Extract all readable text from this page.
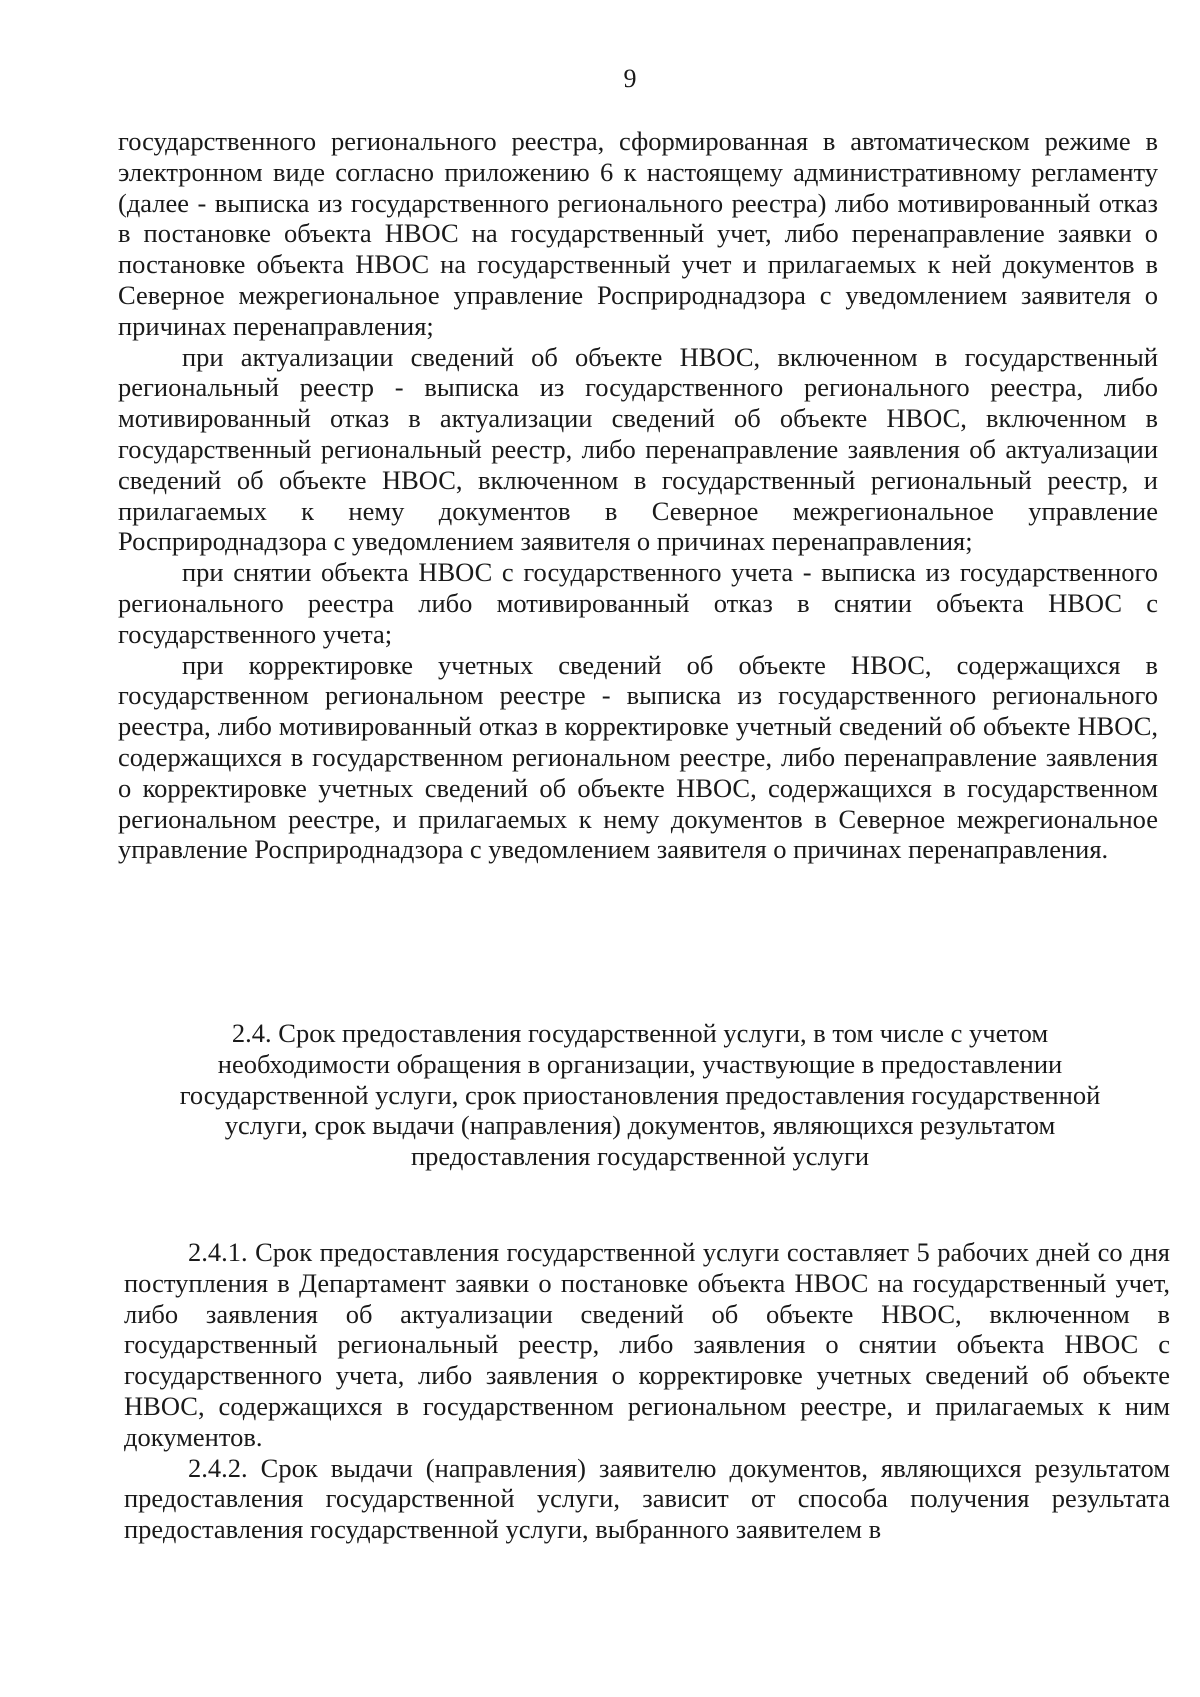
9

государственного регионального реестра, сформированная в автоматическом режиме в электронном виде согласно приложению 6 к настоящему административному регламенту (далее - выписка из государственного регионального реестра) либо мотивированный отказ в постановке объекта НВОС на государственный учет, либо перенаправление заявки о постановке объекта НВОС на государственный учет и прилагаемых к ней документов в Северное межрегиональное управление Росприроднадзора с уведомлением заявителя о причинах перенаправления;

при актуализации сведений об объекте НВОС, включенном в государственный региональный реестр - выписка из государственного регионального реестра, либо мотивированный отказ в актуализации сведений об объекте НВОС, включенном в государственный региональный реестр, либо перенаправление заявления об актуализации сведений об объекте НВОС, включенном в государственный региональный реестр, и прилагаемых к нему документов в Северное межрегиональное управление Росприроднадзора с уведомлением заявителя о причинах перенаправления;

при снятии объекта НВОС с государственного учета - выписка из государственного регионального реестра либо мотивированный отказ в снятии объекта НВОС с государственного учета;

при корректировке учетных сведений об объекте НВОС, содержащихся в государственном региональном реестре - выписка из государственного регионального реестра, либо мотивированный отказ в корректировке учетный сведений об объекте НВОС, содержащихся в государственном региональном реестре, либо перенаправление заявления о корректировке учетных сведений об объекте НВОС, содержащихся в государственном региональном реестре, и прилагаемых к нему документов в Северное межрегиональное управление Росприроднадзора с уведомлением заявителя о причинах перенаправления.

2.4. Срок предоставления государственной услуги, в том числе с учетом
необходимости обращения в организации, участвующие в предоставлении
государственной услуги, срок приостановления предоставления государственной
услуги, срок выдачи (направления) документов, являющихся результатом
предоставления государственной услуги

2.4.1. Срок предоставления государственной услуги составляет 5 рабочих дней со дня поступления в Департамент заявки о постановке объекта НВОС на государственный учет, либо заявления об актуализации сведений об объекте НВОС, включенном в государственный региональный реестр, либо заявления о снятии объекта НВОС с государственного учета, либо заявления о корректировке учетных сведений об объекте НВОС, содержащихся в государственном региональном реестре, и прилагаемых к ним документов.

2.4.2. Срок выдачи (направления) заявителю документов, являющихся результатом предоставления государственной услуги, зависит от способа получения результата предоставления государственной услуги, выбранного заявителем в
